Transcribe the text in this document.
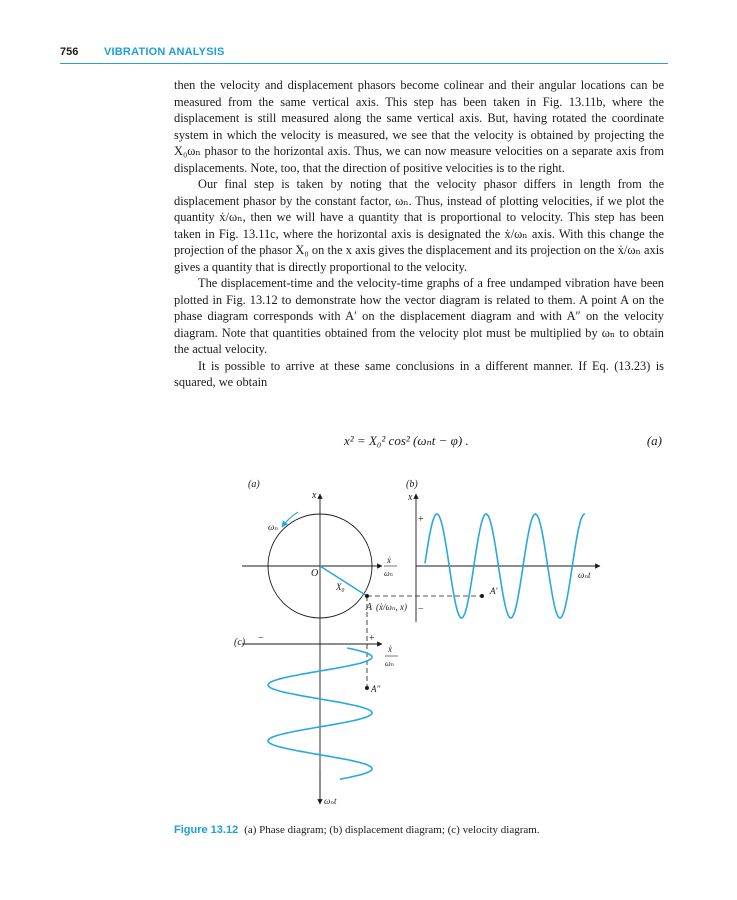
756 VIBRATION ANALYSIS

then the velocity and displacement phasors become colinear and their angular locations can be measured from the same vertical axis. This step has been taken in Fig. 13.11b, where the displacement is still measured along the same vertical axis. But, having rotated the coordinate system in which the velocity is measured, we see that the velocity is obtained by projecting the X₀ωₙ phasor to the horizontal axis. Thus, we can now measure velocities on a separate axis from displacements. Note, too, that the direction of positive velocities is to the right.

Our final step is taken by noting that the velocity phasor differs in length from the displacement phasor by the constant factor, ωₙ. Thus, instead of plotting velocities, if we plot the quantity ẋ/ωₙ, then we will have a quantity that is proportional to velocity. This step has been taken in Fig. 13.11c, where the horizontal axis is designated the ẋ/ωₙ axis. With this change the projection of the phasor X₀ on the x axis gives the displacement and its projection on the ẋ/ωₙ axis gives a quantity that is directly proportional to the velocity.

The displacement-time and the velocity-time graphs of a free undamped vibration have been plotted in Fig. 13.12 to demonstrate how the vector diagram is related to them. A point A on the phase diagram corresponds with A′ on the displacement diagram and with A″ on the velocity diagram. Note that quantities obtained from the velocity plot must be multiplied by ωₙ to obtain the actual velocity.

It is possible to arrive at these same conclusions in a different manner. If Eq. (13.23) is squared, we obtain

x² = X₀² cos² (ωₙt − φ) .	(a)
(a)	(b)
(c)
x
ẋ
ωₙ
O
ωₙ
X₀
A (ẋ/ωₙ, x)
x
+
−
ωₙt
A′
−	+
ẋ
ωₙ
A″
ωₙt
Figure 13.12 (a) Phase diagram; (b) displacement diagram; (c) velocity diagram.
